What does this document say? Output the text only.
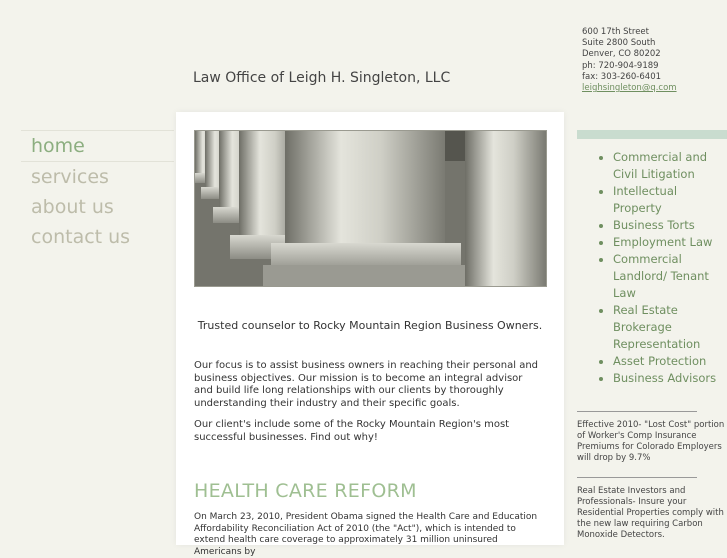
Law Office of Leigh H. Singleton, LLC
600 17th Street
Suite 2800 South
Denver, CO 80202
ph: 720-904-9189
fax: 303-260-6401
leighsingleton@q.com
home
services
about us
contact us
Trusted counselor to Rocky Mountain Region Business Owners.
Our focus is to assist business owners in reaching their personal and business objectives. Our mission is to become an integral advisor and build life long relationships with our clients by thoroughly understanding their industry and their specific goals.
Our client's include some of the Rocky Mountain Region's most successful businesses. Find out why!
HEALTH CARE REFORM
On March 23, 2010, President Obama signed the Health Care and Education Affordability Reconciliation Act of 2010 (the "Act"), which is intended to extend health care coverage to approximately 31 million uninsured Americans by
Commercial and Civil Litigation
Intellectual Property
Business Torts
Employment Law
Commercial Landlord/ Tenant Law
Real Estate Brokerage Representation
Asset Protection
Business Advisors
Effective 2010- "Lost Cost" portion of Worker's Comp Insurance Premiums for Colorado Employers will drop by 9.7%
Real Estate Investors and Professionals- Insure your Residential Properties comply with the new law requiring Carbon Monoxide Detectors.
